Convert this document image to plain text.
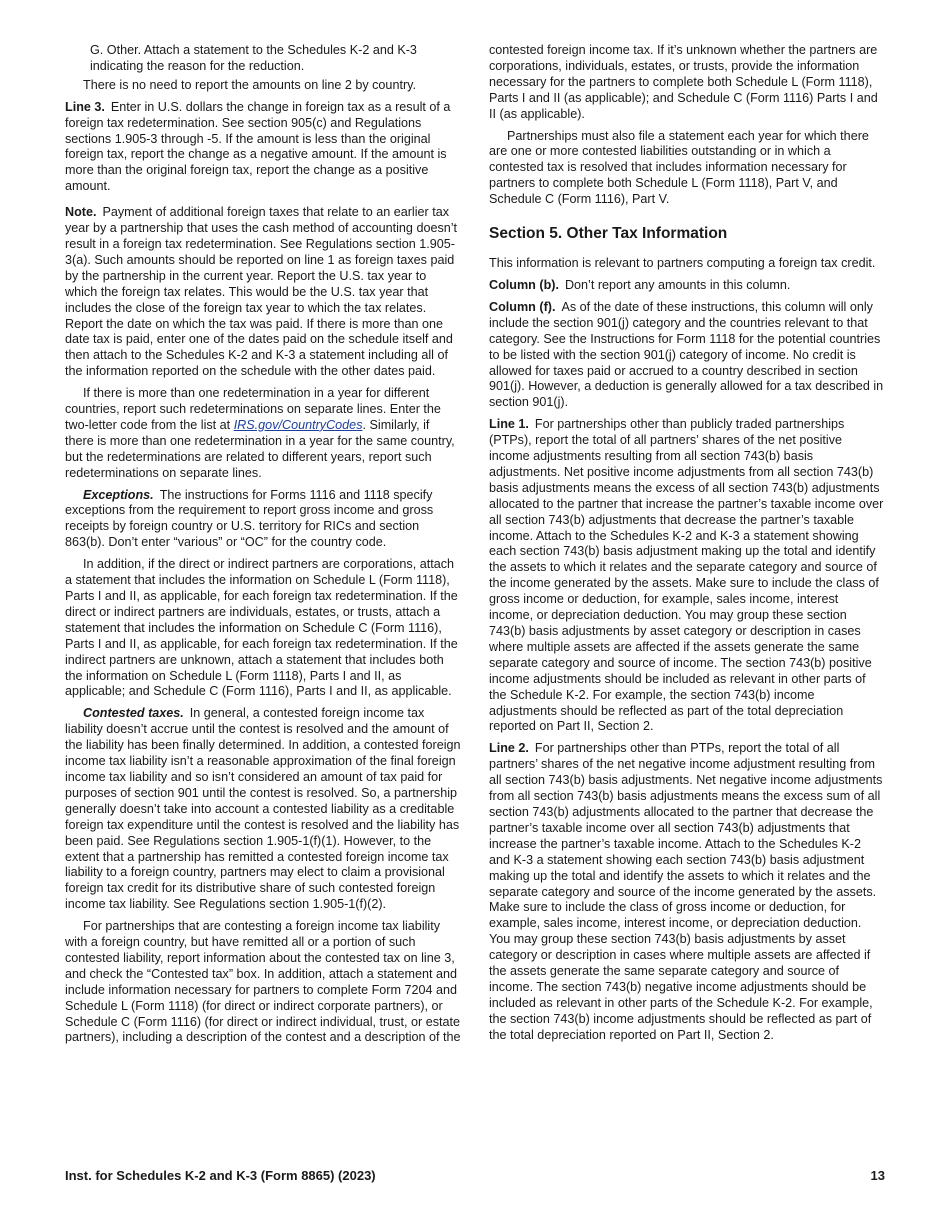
G. Other. Attach a statement to the Schedules K-2 and K-3 indicating the reason for the reduction.

There is no need to report the amounts on line 2 by country.

Line 3. Enter in U.S. dollars the change in foreign tax as a result of a foreign tax redetermination. See section 905(c) and Regulations sections 1.905-3 through -5. If the amount is less than the original foreign tax, report the change as a negative amount. If the amount is more than the original foreign tax, report the change as a positive amount.

Note. Payment of additional foreign taxes that relate to an earlier tax year by a partnership that uses the cash method of accounting doesn’t result in a foreign tax redetermination. See Regulations section 1.905-3(a). Such amounts should be reported on line 1 as foreign taxes paid by the partnership in the current year. Report the U.S. tax year to which the foreign tax relates. This would be the U.S. tax year that includes the close of the foreign tax year to which the tax relates. Report the date on which the tax was paid. If there is more than one date tax is paid, enter one of the dates paid on the schedule itself and then attach to the Schedules K-2 and K-3 a statement including all of the information reported on the schedule with the other dates paid.

If there is more than one redetermination in a year for different countries, report such redeterminations on separate lines. Enter the two-letter code from the list at IRS.gov/CountryCodes. Similarly, if there is more than one redetermination in a year for the same country, but the redeterminations are related to different years, report such redeterminations on separate lines.

Exceptions. The instructions for Forms 1116 and 1118 specify exceptions from the requirement to report gross income and gross receipts by foreign country or U.S. territory for RICs and section 863(b). Don’t enter “various” or “OC” for the country code.

In addition, if the direct or indirect partners are corporations, attach a statement that includes the information on Schedule L (Form 1118), Parts I and II, as applicable, for each foreign tax redetermination. If the direct or indirect partners are individuals, estates, or trusts, attach a statement that includes the information on Schedule C (Form 1116), Parts I and II, as applicable, for each foreign tax redetermination. If the indirect partners are unknown, attach a statement that includes both the information on Schedule L (Form 1118), Parts I and II, as applicable; and Schedule C (Form 1116), Parts I and II, as applicable.

Contested taxes. In general, a contested foreign income tax liability doesn’t accrue until the contest is resolved and the amount of the liability has been finally determined. In addition, a contested foreign income tax liability isn’t a reasonable approximation of the final foreign income tax liability and so isn’t considered an amount of tax paid for purposes of section 901 until the contest is resolved. So, a partnership generally doesn’t take into account a contested liability as a creditable foreign tax expenditure until the contest is resolved and the liability has been paid. See Regulations section 1.905-1(f)(1). However, to the extent that a partnership has remitted a contested foreign income tax liability to a foreign country, partners may elect to claim a provisional foreign tax credit for its distributive share of such contested foreign income tax liability. See Regulations section 1.905-1(f)(2).

For partnerships that are contesting a foreign income tax liability with a foreign country, but have remitted all or a portion of such contested liability, report information about the contested tax on line 3, and check the “Contested tax” box. In addition, attach a statement and include information necessary for partners to complete Form 7204 and Schedule L (Form 1118) (for direct or indirect corporate partners), or Schedule C (Form 1116) (for direct or indirect individual, trust, or estate partners), including a description of the contest and a description of the

contested foreign income tax. If it’s unknown whether the partners are corporations, individuals, estates, or trusts, provide the information necessary for the partners to complete both Schedule L (Form 1118), Parts I and II (as applicable); and Schedule C (Form 1116) Parts I and II (as applicable).

Partnerships must also file a statement each year for which there are one or more contested liabilities outstanding or in which a contested tax is resolved that includes information necessary for partners to complete both Schedule L (Form 1118), Part V, and Schedule C (Form 1116), Part V.

Section 5. Other Tax Information

This information is relevant to partners computing a foreign tax credit.

Column (b). Don’t report any amounts in this column.

Column (f). As of the date of these instructions, this column will only include the section 901(j) category and the countries relevant to that category. See the Instructions for Form 1118 for the potential countries to be listed with the section 901(j) category of income. No credit is allowed for taxes paid or accrued to a country described in section 901(j). However, a deduction is generally allowed for a tax described in section 901(j).

Line 1. For partnerships other than publicly traded partnerships (PTPs), report the total of all partners’ shares of the net positive income adjustments resulting from all section 743(b) basis adjustments. Net positive income adjustments from all section 743(b) basis adjustments means the excess of all section 743(b) adjustments allocated to the partner that increase the partner’s taxable income over all section 743(b) adjustments that decrease the partner’s taxable income. Attach to the Schedules K-2 and K-3 a statement showing each section 743(b) basis adjustment making up the total and identify the assets to which it relates and the separate category and source of the income generated by the assets. Make sure to include the class of gross income or deduction, for example, sales income, interest income, or depreciation deduction. You may group these section 743(b) basis adjustments by asset category or description in cases where multiple assets are affected if the assets generate the same separate category and source of income. The section 743(b) positive income adjustments should be included as relevant in other parts of the Schedule K-2. For example, the section 743(b) income adjustments should be reflected as part of the total depreciation reported on Part II, Section 2.

Line 2. For partnerships other than PTPs, report the total of all partners’ shares of the net negative income adjustment resulting from all section 743(b) basis adjustments. Net negative income adjustments from all section 743(b) basis adjustments means the excess sum of all section 743(b) adjustments allocated to the partner that decrease the partner’s taxable income over all section 743(b) adjustments that increase the partner’s taxable income. Attach to the Schedules K-2 and K-3 a statement showing each section 743(b) basis adjustment making up the total and identify the assets to which it relates and the separate category and source of the income generated by the assets. Make sure to include the class of gross income or deduction, for example, sales income, interest income, or depreciation deduction. You may group these section 743(b) basis adjustments by asset category or description in cases where multiple assets are affected if the assets generate the same separate category and source of income. The section 743(b) negative income adjustments should be included as relevant in other parts of the Schedule K-2. For example, the section 743(b) income adjustments should be reflected as part of the total depreciation reported on Part II, Section 2.

Inst. for Schedules K-2 and K-3 (Form 8865) (2023)	13
